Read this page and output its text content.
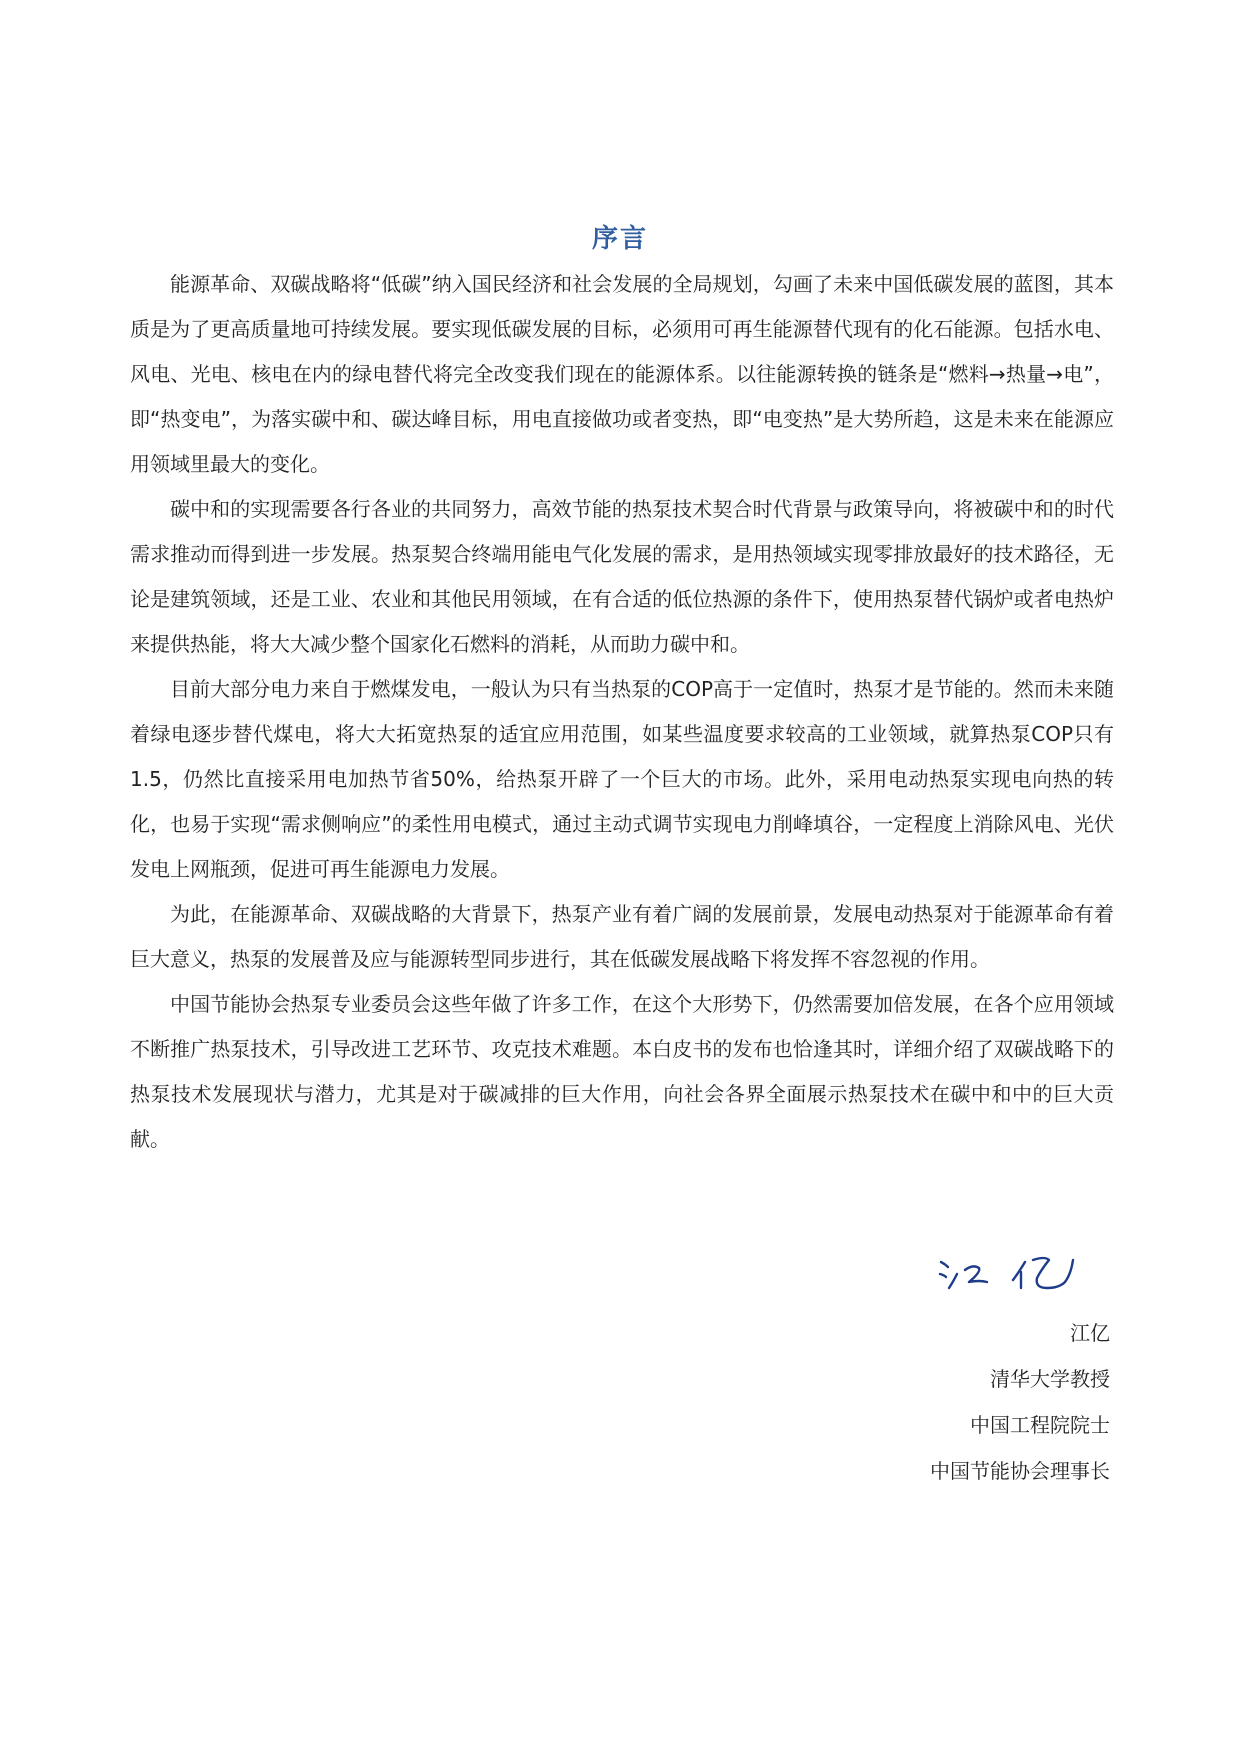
序言

能源革命、双碳战略将“低碳”纳入国民经济和社会发展的全局规划，勾画了未来中国低碳发展的蓝图，其本质是为了更高质量地可持续发展。要实现低碳发展的目标，必须用可再生能源替代现有的化石能源。包括水电、风电、光电、核电在内的绿电替代将完全改变我们现在的能源体系。以往能源转换的链条是“燃料→热量→电”，即“热变电”，为落实碳中和、碳达峰目标，用电直接做功或者变热，即“电变热”是大势所趋，这是未来在能源应用领域里最大的变化。

碳中和的实现需要各行各业的共同努力，高效节能的热泵技术契合时代背景与政策导向，将被碳中和的时代需求推动而得到进一步发展。热泵契合终端用能电气化发展的需求，是用热领域实现零排放最好的技术路径，无论是建筑领域，还是工业、农业和其他民用领域，在有合适的低位热源的条件下，使用热泵替代锅炉或者电热炉来提供热能，将大大减少整个国家化石燃料的消耗，从而助力碳中和。

目前大部分电力来自于燃煤发电，一般认为只有当热泵的COP高于一定值时，热泵才是节能的。然而未来随着绿电逐步替代煤电，将大大拓宽热泵的适宜应用范围，如某些温度要求较高的工业领域，就算热泵COP只有1.5，仍然比直接采用电加热节省50%，给热泵开辟了一个巨大的市场。此外，采用电动热泵实现电向热的转化，也易于实现“需求侧响应”的柔性用电模式，通过主动式调节实现电力削峰填谷，一定程度上消除风电、光伏发电上网瓶颈，促进可再生能源电力发展。

为此，在能源革命、双碳战略的大背景下，热泵产业有着广阔的发展前景，发展电动热泵对于能源革命有着巨大意义，热泵的发展普及应与能源转型同步进行，其在低碳发展战略下将发挥不容忽视的作用。

中国节能协会热泵专业委员会这些年做了许多工作，在这个大形势下，仍然需要加倍发展，在各个应用领域不断推广热泵技术，引导改进工艺环节、攻克技术难题。本白皮书的发布也恰逢其时，详细介绍了双碳战略下的热泵技术发展现状与潜力，尤其是对于碳减排的巨大作用，向社会各界全面展示热泵技术在碳中和中的巨大贡献。

江亿
清华大学教授
中国工程院院士
中国节能协会理事长
